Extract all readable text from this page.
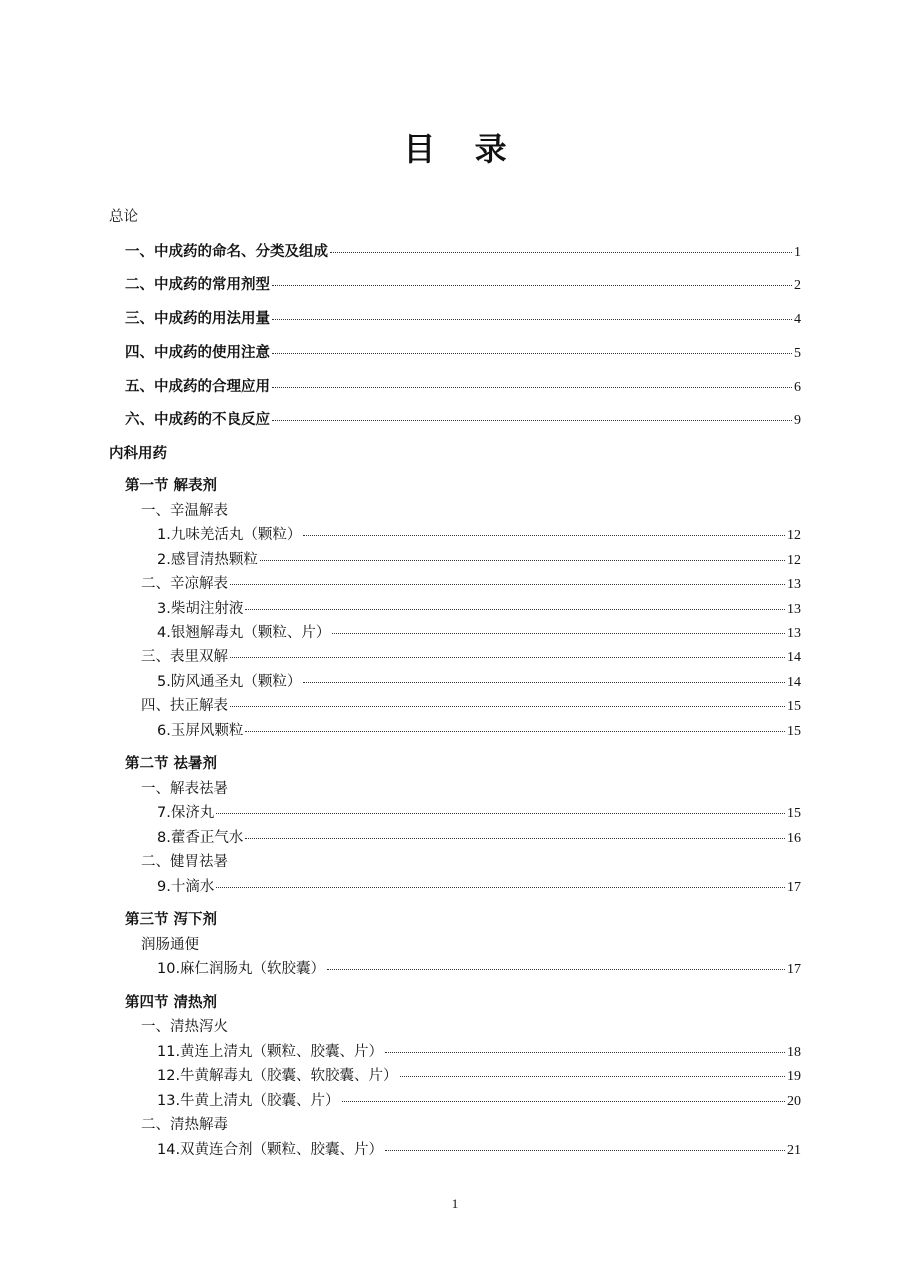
目 录
总论
一、中成药的命名、分类及组成	1
二、中成药的常用剂型	2
三、中成药的用法用量	4
四、中成药的使用注意	5
五、中成药的合理应用	6
六、中成药的不良反应	9
内科用药
第一节 解表剂
一、辛温解表
1.九味羌活丸（颗粒）	12
2.感冒清热颗粒	12
二、辛凉解表	13
3.柴胡注射液	13
4.银翘解毒丸（颗粒、片）	13
三、表里双解	14
5.防风通圣丸（颗粒）	14
四、扶正解表	15
6.玉屏风颗粒	15
第二节 祛暑剂
一、解表祛暑
7.保济丸	15
8.藿香正气水	16
二、健胃祛暑
9.十滴水	17
第三节 泻下剂
润肠通便
10.麻仁润肠丸（软胶囊）	17
第四节 清热剂
一、清热泻火
11.黄连上清丸（颗粒、胶囊、片）	18
12.牛黄解毒丸（胶囊、软胶囊、片）	19
13.牛黄上清丸（胶囊、片）	20
二、清热解毒
14.双黄连合剂（颗粒、胶囊、片）	21
1
